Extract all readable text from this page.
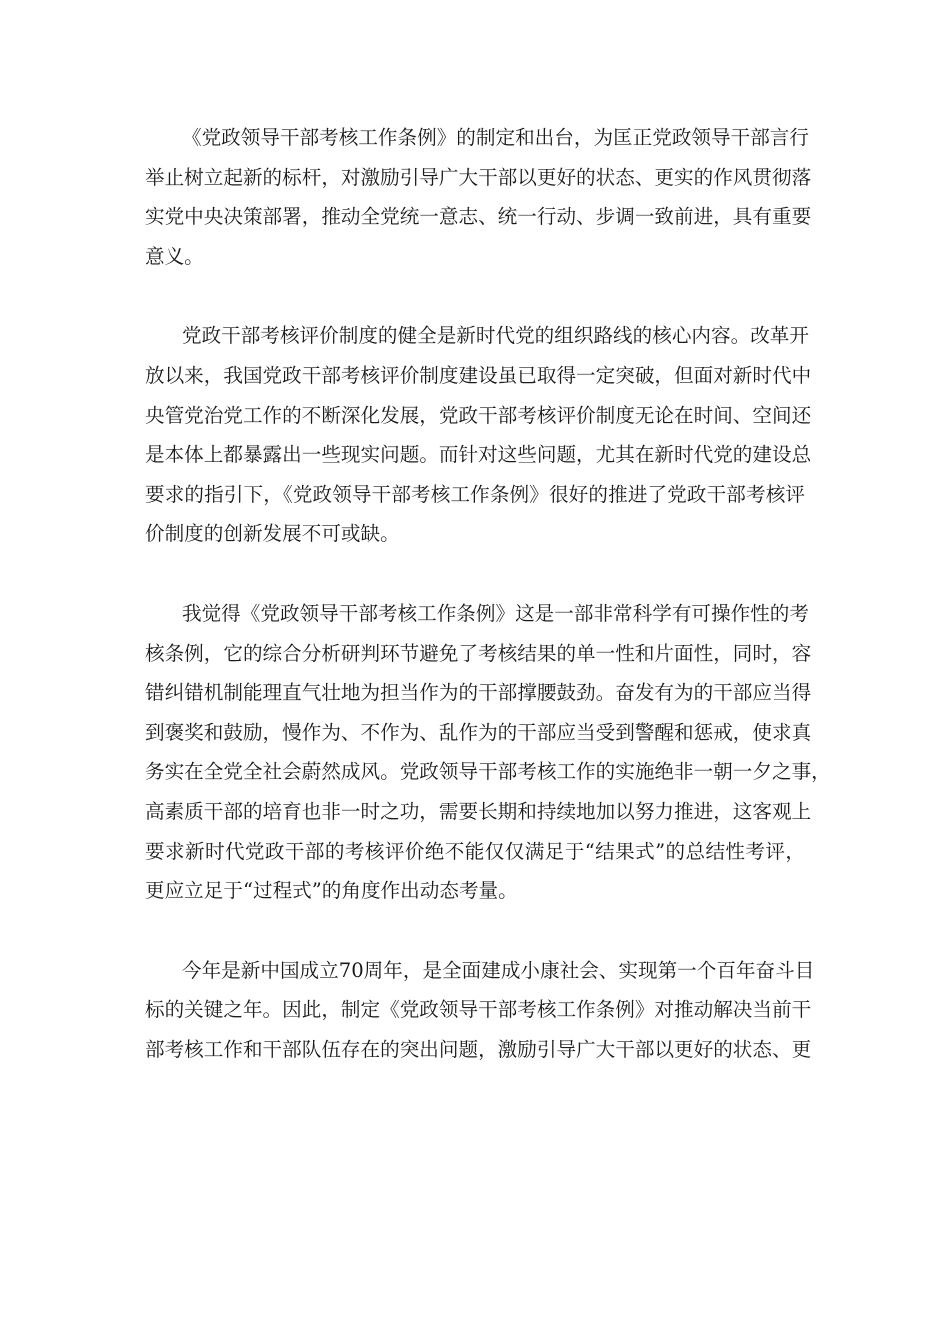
《党政领导干部考核工作条例》的制定和出台，为匡正党政领导干部言行
举止树立起新的标杆，对激励引导广大干部以更好的状态、更实的作风贯彻落
实党中央决策部署，推动全党统一意志、统一行动、步调一致前进，具有重要
意义。
党政干部考核评价制度的健全是新时代党的组织路线的核心内容。改革开
放以来，我国党政干部考核评价制度建设虽已取得一定突破，但面对新时代中
央管党治党工作的不断深化发展，党政干部考核评价制度无论在时间、空间还
是本体上都暴露出一些现实问题。而针对这些问题，尤其在新时代党的建设总
要求的指引下，《党政领导干部考核工作条例》很好的推进了党政干部考核评
价制度的创新发展不可或缺。
我觉得《党政领导干部考核工作条例》这是一部非常科学有可操作性的考
核条例，它的综合分析研判环节避免了考核结果的单一性和片面性，同时，容
错纠错机制能理直气壮地为担当作为的干部撑腰鼓劲。奋发有为的干部应当得
到褒奖和鼓励，慢作为、不作为、乱作为的干部应当受到警醒和惩戒，使求真
务实在全党全社会蔚然成风。党政领导干部考核工作的实施绝非一朝一夕之事，
高素质干部的培育也非一时之功，需要长期和持续地加以努力推进，这客观上
要求新时代党政干部的考核评价绝不能仅仅满足于“结果式”的总结性考评，
更应立足于“过程式”的角度作出动态考量。
今年是新中国成立70周年，是全面建成小康社会、实现第一个百年奋斗目
标的关键之年。因此，制定《党政领导干部考核工作条例》对推动解决当前干
部考核工作和干部队伍存在的突出问题，激励引导广大干部以更好的状态、更
